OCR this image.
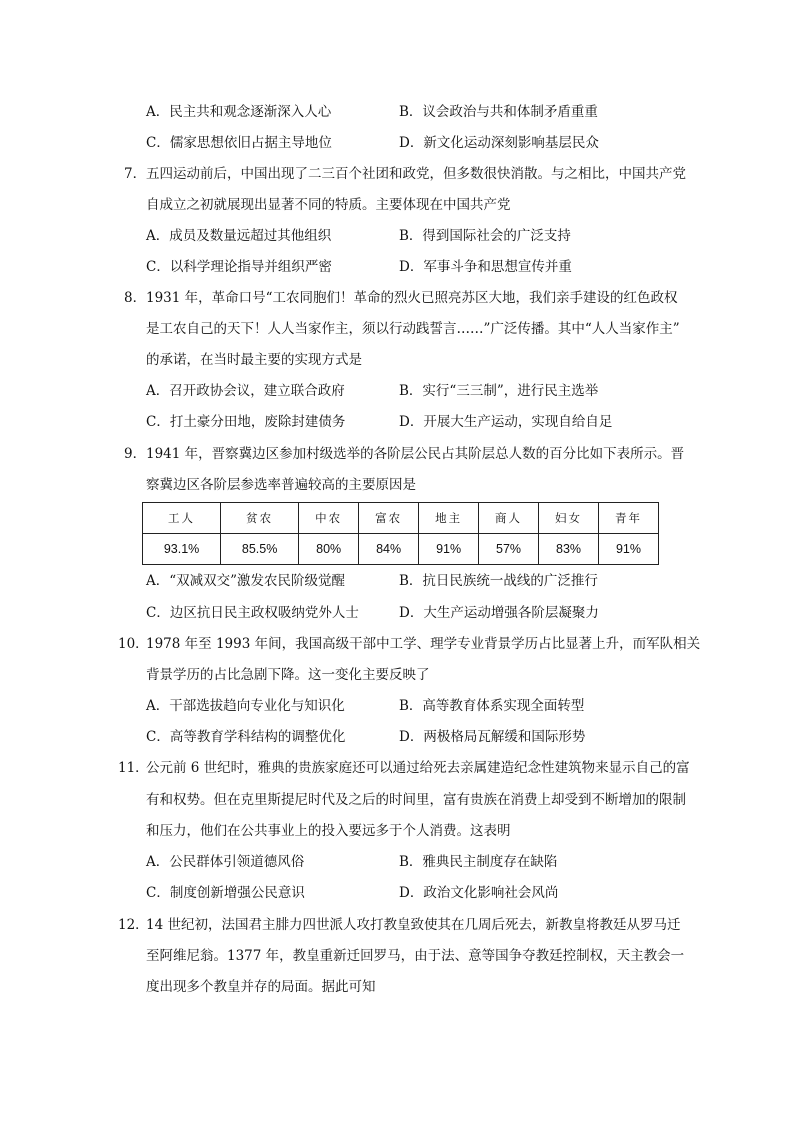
A．民主共和观念逐渐深入人心	B．议会政治与共和体制矛盾重重
C．儒家思想依旧占据主导地位	D．新文化运动深刻影响基层民众
7． 五四运动前后，中国出现了二三百个社团和政党，但多数很快消散。与之相比，中国共产党
自成立之初就展现出显著不同的特质。主要体现在中国共产党
A．成员及数量远超过其他组织	B．得到国际社会的广泛支持
C．以科学理论指导并组织严密	D．军事斗争和思想宣传并重
8． 1931 年，革命口号“工农同胞们！革命的烈火已照亮苏区大地，我们亲手建设的红色政权
是工农自己的天下！人人当家作主，须以行动践誓言……”广泛传播。其中“人人当家作主”
的承诺，在当时最主要的实现方式是
A．召开政协会议，建立联合政府	B．实行“三三制”，进行民主选举
C．打土豪分田地，废除封建债务	D．开展大生产运动，实现自给自足
9． 1941 年，晋察冀边区参加村级选举的各阶层公民占其阶层总人数的百分比如下表所示。晋
察冀边区各阶层参选率普遍较高的主要原因是
工人	贫农	中农	富农	地主	商人	妇女	青年
93.1%	85.5%	80%	84%	91%	57%	83%	91%
A．“双减双交”激发农民阶级觉醒	B．抗日民族统一战线的广泛推行
C．边区抗日民主政权吸纳党外人士	D．大生产运动增强各阶层凝聚力
10．
1978 年至 1993 年间，我国高级干部中工学、理学专业背景学历占比显著上升，而军队相关
背景学历的占比急剧下降。这一变化主要反映了
A．干部选拔趋向专业化与知识化	B．高等教育体系实现全面转型
C．高等教育学科结构的调整优化	D．两极格局瓦解缓和国际形势
11．
公元前 6 世纪时，雅典的贵族家庭还可以通过给死去亲属建造纪念性建筑物来显示自己的富
有和权势。但在克里斯提尼时代及之后的时间里，富有贵族在消费上却受到不断增加的限制
和压力，他们在公共事业上的投入要远多于个人消费。这表明
A．公民群体引领道德风俗	B．雅典民主制度存在缺陷
C．制度创新增强公民意识	D．政治文化影响社会风尚
12．
14 世纪初，法国君主腓力四世派人攻打教皇致使其在几周后死去，新教皇将教廷从罗马迁
至阿维尼翁。1377 年，教皇重新迁回罗马，由于法、意等国争夺教廷控制权，天主教会一
度出现多个教皇并存的局面。据此可知
